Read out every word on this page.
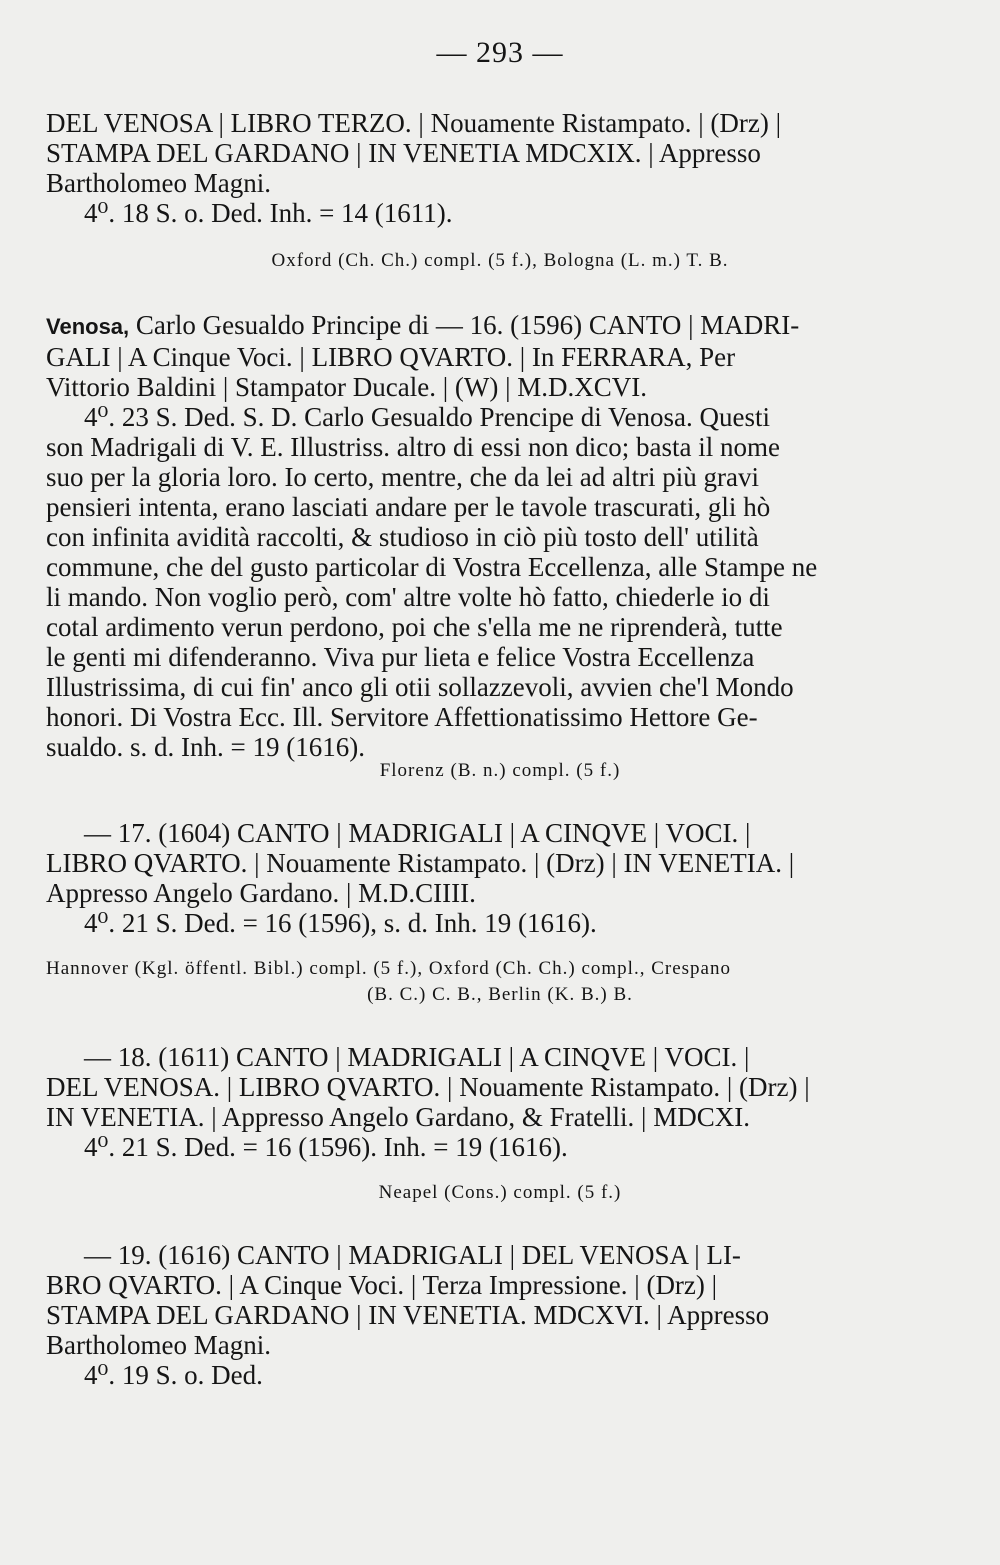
— 293 —
DEL VENOSA | LIBRO TERZO. | Nouamente Ristampato. | (Drz) |
STAMPA DEL GARDANO | IN VENETIA MDCXIX. | Appresso
Bartholomeo Magni.
4⁰. 18 S. o. Ded. Inh. = 14 (1611).
Oxford (Ch. Ch.) compl. (5 f.), Bologna (L. m.) T. B.
Venosa, Carlo Gesualdo Principe di — 16. (1596) CANTO | MADRI-
GALI | A Cinque Voci. | LIBRO QVARTO. | In FERRARA, Per
Vittorio Baldini | Stampator Ducale. | (W) | M.D.XCVI.
4⁰. 23 S. Ded. S. D. Carlo Gesualdo Prencipe di Venosa. Questi
son Madrigali di V. E. Illustriss. altro di essi non dico; basta il nome
suo per la gloria loro. Io certo, mentre, che da lei ad altri più gravi
pensieri intenta, erano lasciati andare per le tavole trascurati, gli hò
con infinita avidità raccolti, & studioso in ciò più tosto dell' utilità
commune, che del gusto particolar di Vostra Eccellenza, alle Stampe ne
li mando. Non voglio però, com' altre volte hò fatto, chiederle io di
cotal ardimento verun perdono, poi che s'ella me ne riprenderà, tutte
le genti mi difenderanno. Viva pur lieta e felice Vostra Eccellenza
Illustrissima, di cui fin' anco gli otii sollazzevoli, avvien che'l Mondo
honori. Di Vostra Ecc. Ill. Servitore Affettionatissimo Hettore Ge-
sualdo. s. d. Inh. = 19 (1616).
Florenz (B. n.) compl. (5 f.)
— 17. (1604) CANTO | MADRIGALI | A CINQVE | VOCI. |
LIBRO QVARTO. | Nouamente Ristampato. | (Drz) | IN VENETIA. |
Appresso Angelo Gardano. | M.D.CIIII.
4⁰. 21 S. Ded. = 16 (1596), s. d. Inh. 19 (1616).
Hannover (Kgl. öffentl. Bibl.) compl. (5 f.), Oxford (Ch. Ch.) compl., Crespano
(B. C.) C. B., Berlin (K. B.) B.
— 18. (1611) CANTO | MADRIGALI | A CINQVE | VOCI. |
DEL VENOSA. | LIBRO QVARTO. | Nouamente Ristampato. | (Drz) |
IN VENETIA. | Appresso Angelo Gardano, & Fratelli. | MDCXI.
4⁰. 21 S. Ded. = 16 (1596). Inh. = 19 (1616).
Neapel (Cons.) compl. (5 f.)
— 19. (1616) CANTO | MADRIGALI | DEL VENOSA | LI-
BRO QVARTO. | A Cinque Voci. | Terza Impressione. | (Drz) |
STAMPA DEL GARDANO | IN VENETIA. MDCXVI. | Appresso
Bartholomeo Magni.
4⁰. 19 S. o. Ded.
